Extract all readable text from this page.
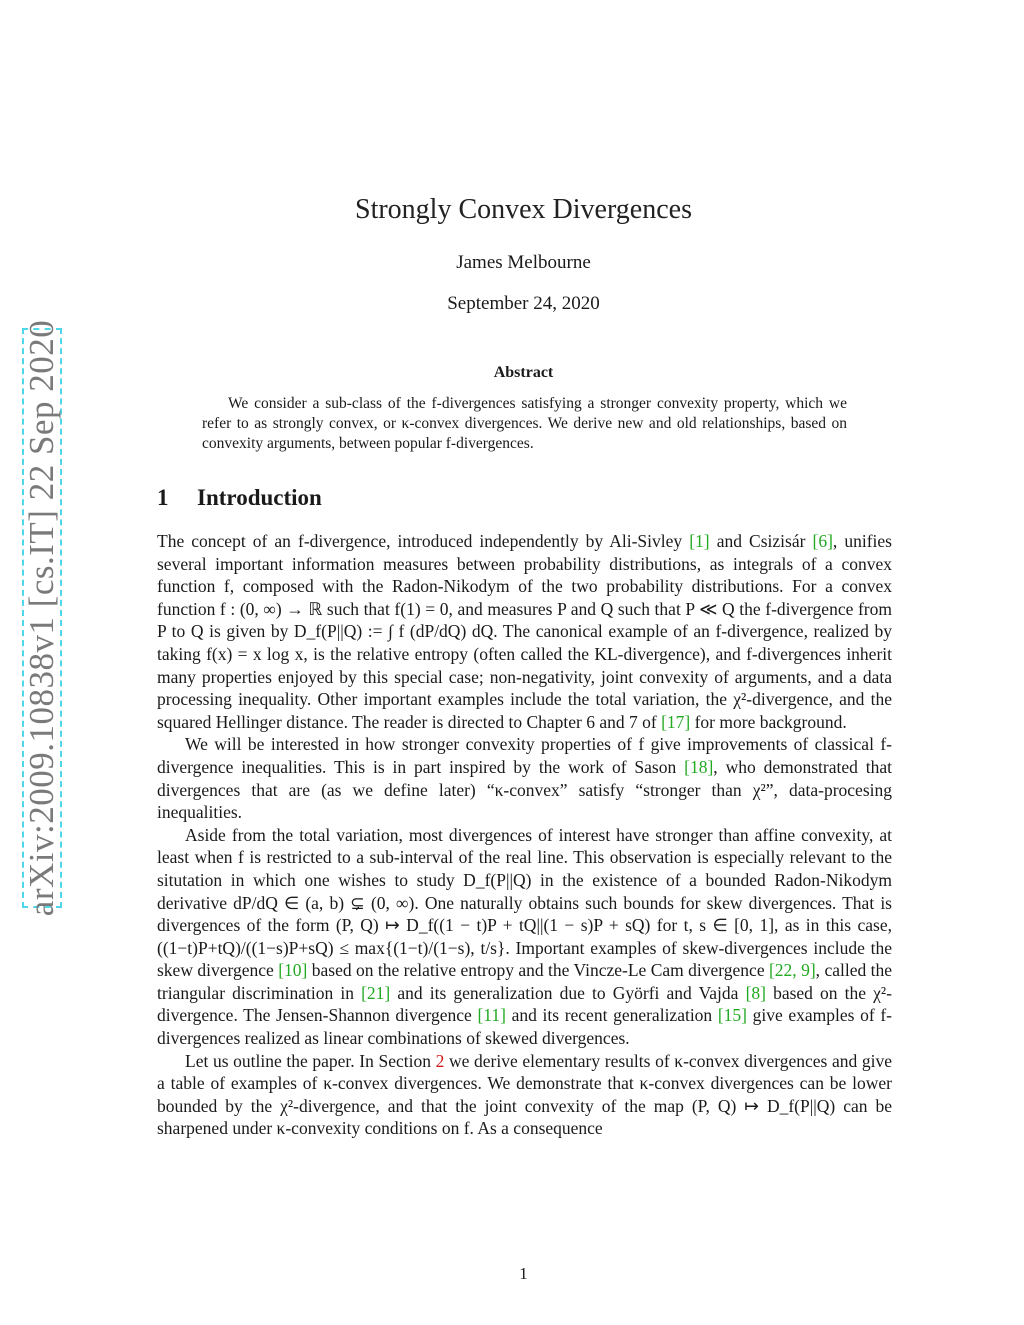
arXiv:2009.10838v1 [cs.IT] 22 Sep 2020
Strongly Convex Divergences
James Melbourne
September 24, 2020
Abstract

We consider a sub-class of the f-divergences satisfying a stronger convexity property, which we refer to as strongly convex, or κ-convex divergences. We derive new and old relationships, based on convexity arguments, between popular f-divergences.

1 Introduction

The concept of an f-divergence, introduced independently by Ali-Sivley [1] and Csizisár [6], unifies several important information measures between probability distributions, as integrals of a convex function f, composed with the Radon-Nikodym of the two probability distributions. For a convex function f : (0, ∞) → ℝ such that f(1) = 0, and measures P and Q such that P ≪ Q the f-divergence from P to Q is given by D_f(P||Q) := ∫ f (dP/dQ) dQ. The canonical example of an f-divergence, realized by taking f(x) = x log x, is the relative entropy (often called the KL-divergence), and f-divergences inherit many properties enjoyed by this special case; non-negativity, joint convexity of arguments, and a data processing inequality. Other important examples include the total variation, the χ²-divergence, and the squared Hellinger distance. The reader is directed to Chapter 6 and 7 of [17] for more background.

We will be interested in how stronger convexity properties of f give improvements of classical f-divergence inequalities. This is in part inspired by the work of Sason [18], who demonstrated that divergences that are (as we define later) “κ-convex” satisfy “stronger than χ²”, data-procesing inequalities.

Aside from the total variation, most divergences of interest have stronger than affine convexity, at least when f is restricted to a sub-interval of the real line. This observation is especially relevant to the situtation in which one wishes to study D_f(P||Q) in the existence of a bounded Radon-Nikodym derivative dP/dQ ∈ (a, b) ⊊ (0, ∞). One naturally obtains such bounds for skew divergences. That is divergences of the form (P, Q) ↦ D_f((1 − t)P + tQ||(1 − s)P + sQ) for t, s ∈ [0, 1], as in this case, ((1−t)P+tQ)/((1−s)P+sQ) ≤ max{(1−t)/(1−s), t/s}. Important examples of skew-divergences include the skew divergence [10] based on the relative entropy and the Vincze-Le Cam divergence [22, 9], called the triangular discrimination in [21] and its generalization due to Györfi and Vajda [8] based on the χ²-divergence. The Jensen-Shannon divergence [11] and its recent generalization [15] give examples of f-divergences realized as linear combinations of skewed divergences.

Let us outline the paper. In Section 2 we derive elementary results of κ-convex divergences and give a table of examples of κ-convex divergences. We demonstrate that κ-convex divergences can be lower bounded by the χ²-divergence, and that the joint convexity of the map (P, Q) ↦ D_f(P||Q) can be sharpened under κ-convexity conditions on f. As a consequence

1
